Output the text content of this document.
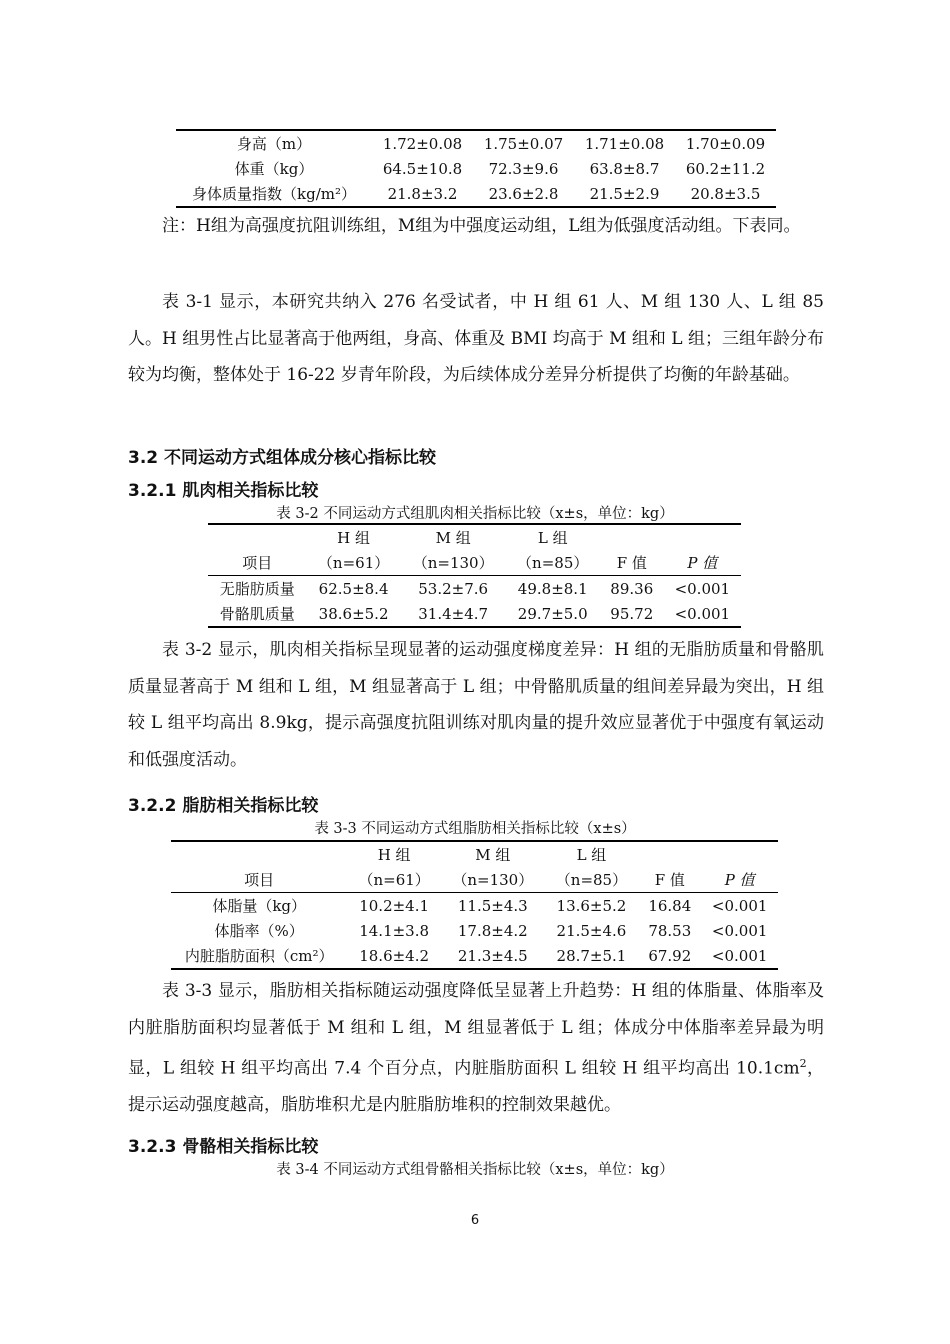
身高（m）	1.72±0.08	1.75±0.07	1.71±0.08	1.70±0.09
体重（kg）	64.5±10.8	72.3±9.6	63.8±8.7	60.2±11.2
身体质量指数（kg/m²）	21.8±3.2	23.6±2.8	21.5±2.9	20.8±3.5

注：H组为高强度抗阻训练组，M组为中强度运动组，L组为低强度活动组。下表同。

表 3-1 显示，本研究共纳入 276 名受试者，中 H 组 61 人、M 组 130 人、L 组 85 人。H 组男性占比显著高于他两组，身高、体重及 BMI 均高于 M 组和 L 组；三组年龄分布较为均衡，整体处于 16-22 岁青年阶段，为后续体成分差异分析提供了均衡的年龄基础。

3.2 不同运动方式组体成分核心指标比较

3.2.1 肌肉相关指标比较

表 3-2 不同运动方式组肌肉相关指标比较（x±s，单位：kg）

	H 组	M 组	L 组		
项目	（n=61）	（n=130）	（n=85）	F 值	P 值
无脂肪质量	62.5±8.4	53.2±7.6	49.8±8.1	89.36	<0.001
骨骼肌质量	38.6±5.2	31.4±4.7	29.7±5.0	95.72	<0.001

表 3-2 显示，肌肉相关指标呈现显著的运动强度梯度差异：H 组的无脂肪质量和骨骼肌质量显著高于 M 组和 L 组，M 组显著高于 L 组；中骨骼肌质量的组间差异最为突出，H 组较 L 组平均高出 8.9kg，提示高强度抗阻训练对肌肉量的提升效应显著优于中强度有氧运动和低强度活动。

3.2.2 脂肪相关指标比较

表 3-3 不同运动方式组脂肪相关指标比较（x±s）

	H 组	M 组	L 组		
项目	（n=61）	（n=130）	（n=85）	F 值	P 值
体脂量（kg）	10.2±4.1	11.5±4.3	13.6±5.2	16.84	<0.001
体脂率（%）	14.1±3.8	17.8±4.2	21.5±4.6	78.53	<0.001
内脏脂肪面积（cm²）	18.6±4.2	21.3±4.5	28.7±5.1	67.92	<0.001

表 3-3 显示，脂肪相关指标随运动强度降低呈显著上升趋势：H 组的体脂量、体脂率及内脏脂肪面积均显著低于 M 组和 L 组，M 组显著低于 L 组；体成分中体脂率差异最为明显，L 组较 H 组平均高出 7.4 个百分点，内脏脂肪面积 L 组较 H 组平均高出 $10.1cm^2$，提示运动强度越高，脂肪堆积尤是内脏脂肪堆积的控制效果越优。

3.2.3 骨骼相关指标比较

表 3-4 不同运动方式组骨骼相关指标比较（x±s，单位：kg）

6
